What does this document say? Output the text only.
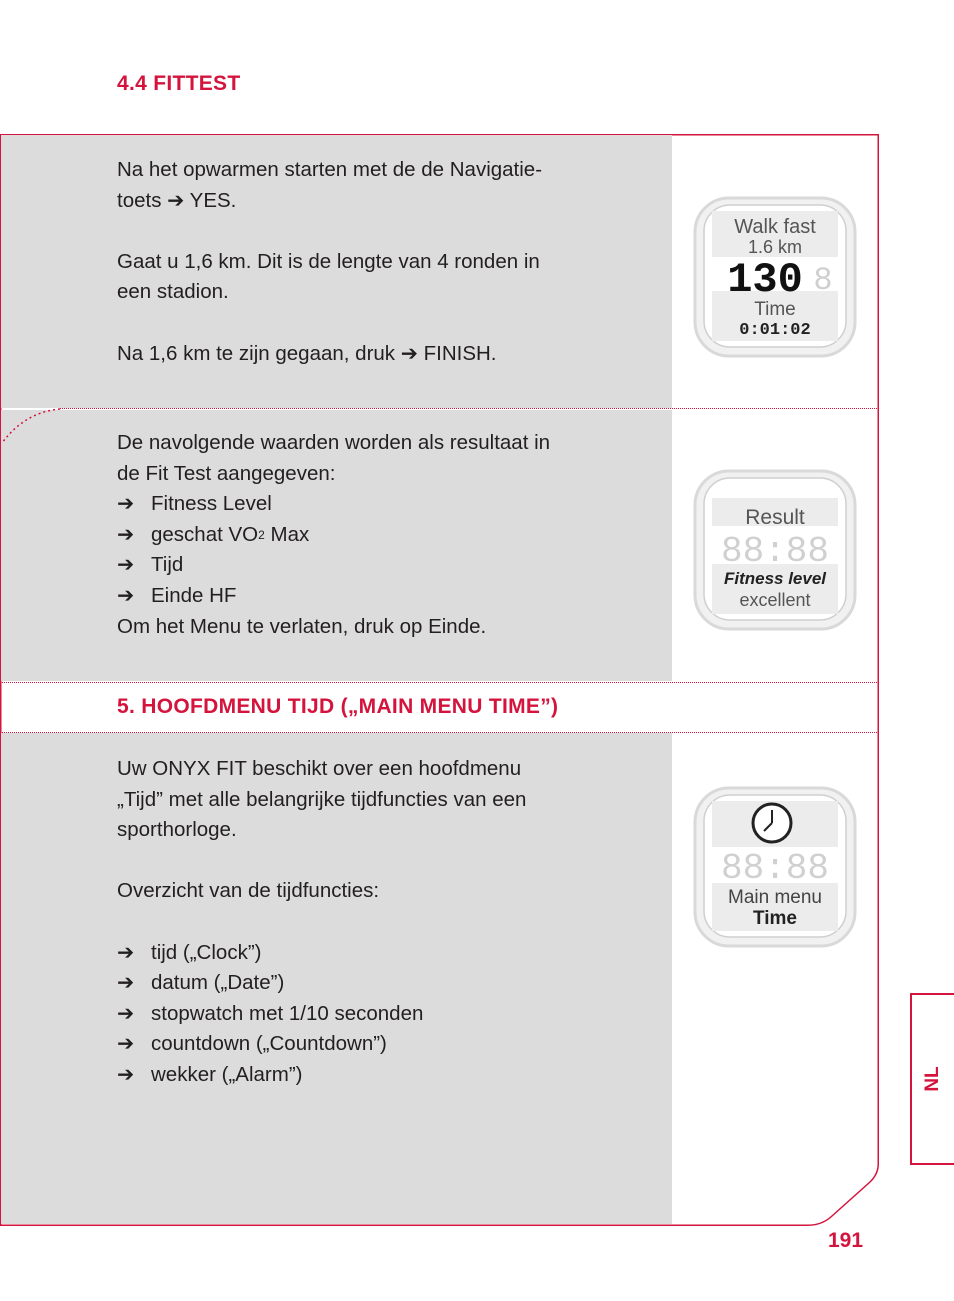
4.4 FITTEST

Na het opwarmen starten met de de Navigatie-

toets ➔ YES.

Gaat u 1,6 km. Dit is de lengte van 4 ronden in

een stadion.

Na 1,6 km te zijn gegaan, druk ➔ FINISH.

Walk fast
1.6 km
130 8
Time
0:01:02

De navolgende waarden worden als resultaat in

de Fit Test aangegeven:

➔ Fitness Level
➔ geschat VO 2 Max
➔ Tijd
➔ Einde HF

Om het Menu te verlaten, druk op Einde.

Result
88:88
Fitness level
excellent
5. HOOFDMENU TIJD („MAIN MENU TIME”)

Uw ONYX FIT beschikt over een hoofdmenu

„Tijd” met alle belangrijke tijdfuncties van een

sporthorloge.

Overzicht van de tijdfuncties:

➔ tijd („Clock”)
➔ datum („Date”)
➔ stopwatch met 1/10 seconden
➔ countdown („Countdown”)
➔ wekker („Alarm”)
88:88
Main menu
Time
NL
191
